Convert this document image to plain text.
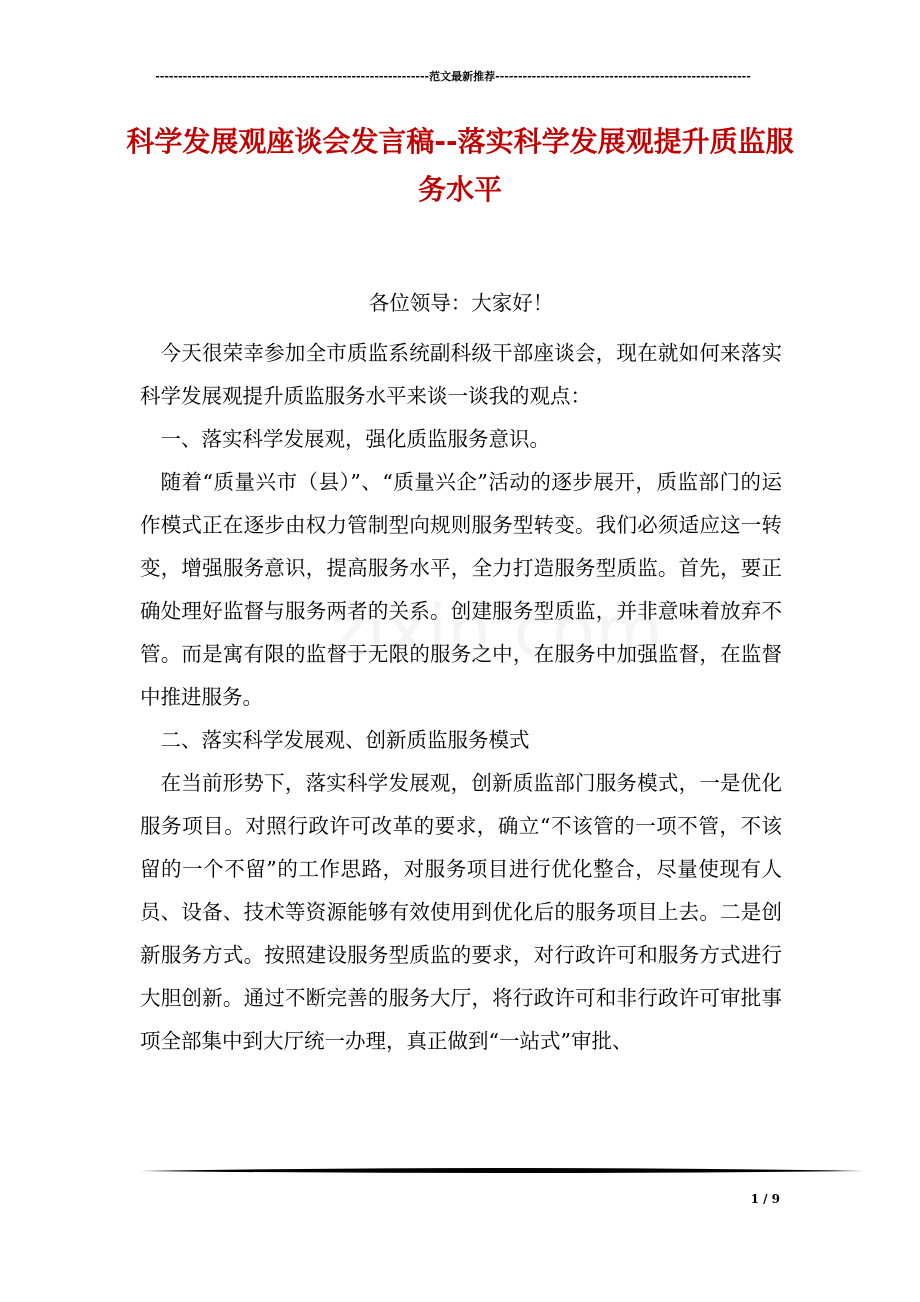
------------------------------------------------------------范文最新推荐--------------------------------------------------------
科学发展观座谈会发言稿--落实科学发展观提升质监服务水平

各位领导：大家好！

今天很荣幸参加全市质监系统副科级干部座谈会，现在就如何来落实科学发展观提升质监服务水平来谈一谈我的观点：

一、落实科学发展观，强化质监服务意识。

随着“质量兴市（县）”、“质量兴企”活动的逐步展开，质监部门的运作模式正在逐步由权力管制型向规则服务型转变。我们必须适应这一转变，增强服务意识，提高服务水平，全力打造服务型质监。首先，要正确处理好监督与服务两者的关系。创建服务型质监，并非意味着放弃不管。而是寓有限的监督于无限的服务之中，在服务中加强监督，在监督中推进服务。

二、落实科学发展观、创新质监服务模式

在当前形势下，落实科学发展观，创新质监部门服务模式，一是优化服务项目。对照行政许可改革的要求，确立“不该管的一项不管，不该留的一个不留”的工作思路，对服务项目进行优化整合，尽量使现有人员、设备、技术等资源能够有效使用到优化后的服务项目上去。二是创新服务方式。按照建设服务型质监的要求，对行政许可和服务方式进行大胆创新。通过不断完善的服务大厅，将行政许可和非行政许可审批事项全部集中到大厅统一办理，真正做到“一站式”审批、

1 / 9
